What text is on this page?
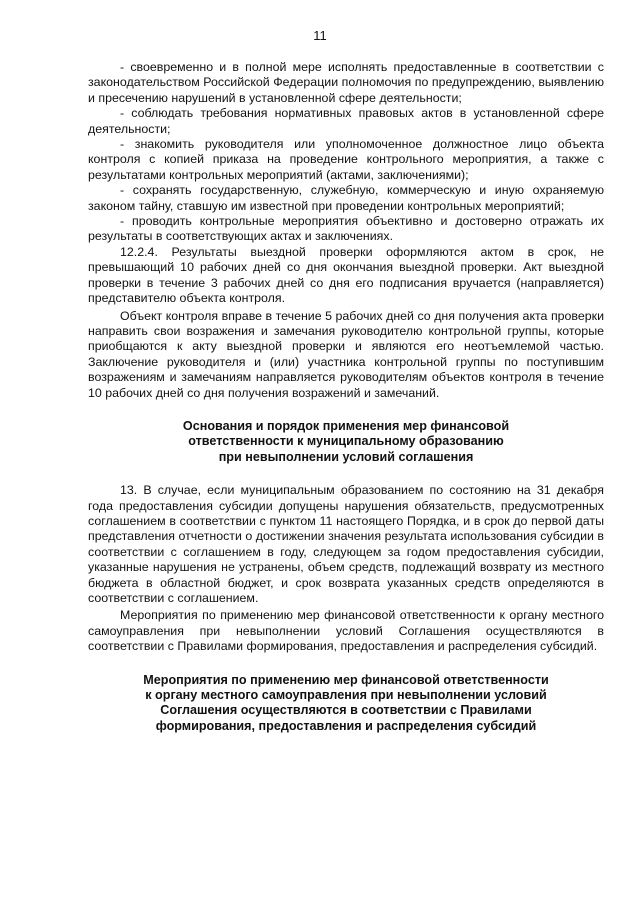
11

- своевременно и в полной мере исполнять предоставленные в соответствии с законодательством Российской Федерации полномочия по предупреждению, выявлению и пресечению нарушений в установленной сфере деятельности;

- соблюдать требования нормативных правовых актов в установленной сфере деятельности;

- знакомить руководителя или уполномоченное должностное лицо объекта контроля с копией приказа на проведение контрольного мероприятия, а также с результатами контрольных мероприятий (актами, заключениями);

- сохранять государственную, служебную, коммерческую и иную охраняемую законом тайну, ставшую им известной при проведении контрольных мероприятий;

- проводить контрольные мероприятия объективно и достоверно отражать их результаты в соответствующих актах и заключениях.

12.2.4. Результаты выездной проверки оформляются актом в срок, не превышающий 10 рабочих дней со дня окончания выездной проверки. Акт выездной проверки в течение 3 рабочих дней со дня его подписания вручается (направляется) представителю объекта контроля.

Объект контроля вправе в течение 5 рабочих дней со дня получения акта проверки направить свои возражения и замечания руководителю контрольной группы, которые приобщаются к акту выездной проверки и являются его неотъемлемой частью. Заключение руководителя и (или) участника контрольной группы по поступившим возражениям и замечаниям направляется руководителям объектов контроля в течение 10 рабочих дней со дня получения возражений и замечаний.

Основания и порядок применения мер финансовой
ответственности к муниципальному образованию
при невыполнении условий соглашения

13. В случае, если муниципальным образованием по состоянию на 31 декабря года предоставления субсидии допущены нарушения обязательств, предусмотренных соглашением в соответствии с пунктом 11 настоящего Порядка, и в срок до первой даты представления отчетности о достижении значения результата использования субсидии в соответствии с соглашением в году, следующем за годом предоставления субсидии, указанные нарушения не устранены, объем средств, подлежащий возврату из местного бюджета в областной бюджет, и срок возврата указанных средств определяются в соответствии с соглашением.

Мероприятия по применению мер финансовой ответственности к органу местного самоуправления при невыполнении условий Соглашения осуществляются в соответствии с Правилами формирования, предоставления и распределения субсидий.

Мероприятия по применению мер финансовой ответственности
к органу местного самоуправления при невыполнении условий
Соглашения осуществляются в соответствии с Правилами
формирования, предоставления и распределения субсидий
